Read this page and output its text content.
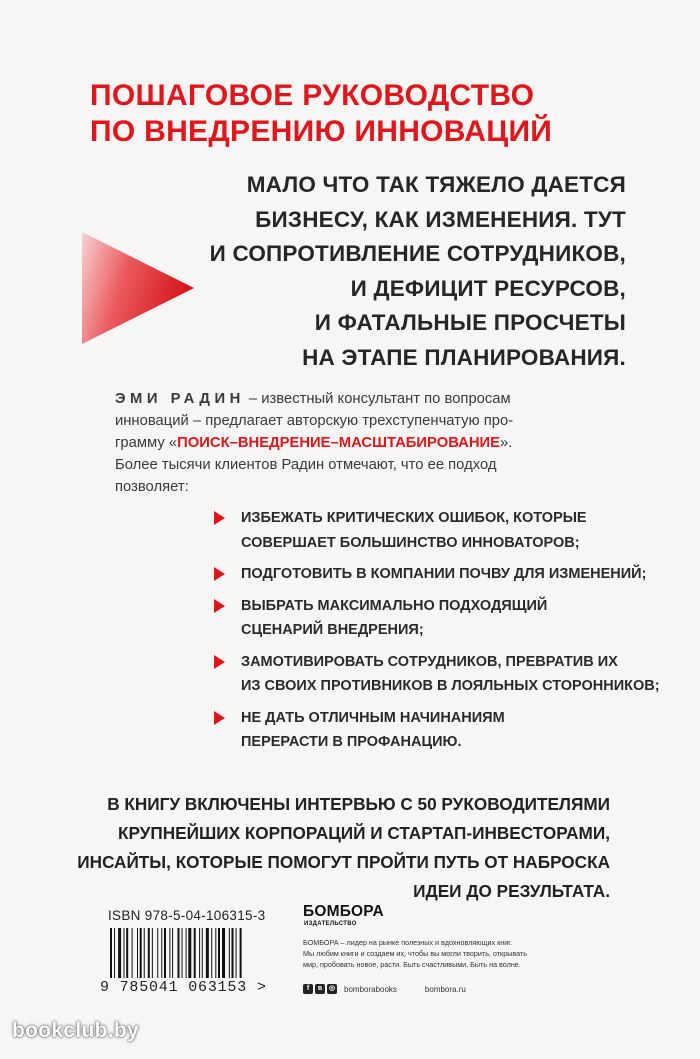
ПОШАГОВОЕ РУКОВОДСТВО
ПО ВНЕДРЕНИЮ ИННОВАЦИЙ
МАЛО ЧТО ТАК ТЯЖЕЛО ДАЕТСЯ
БИЗНЕСУ, КАК ИЗМЕНЕНИЯ. ТУТ
И СОПРОТИВЛЕНИЕ СОТРУДНИКОВ,
И ДЕФИЦИТ РЕСУРСОВ,
И ФАТАЛЬНЫЕ ПРОСЧЕТЫ
НА ЭТАПЕ ПЛАНИРОВАНИЯ.
ЭМИ РАДИН – известный консультант по вопросам
инноваций – предлагает авторскую трехступенчатую про-
грамму «ПОИСК–ВНЕДРЕНИЕ–МАСШТАБИРОВАНИЕ».
Более тысячи клиентов Радин отмечают, что ее подход
позволяет:
ИЗБЕЖАТЬ КРИТИЧЕСКИХ ОШИБОК, КОТОРЫЕ
СОВЕРШАЕТ БОЛЬШИНСТВО ИННОВАТОРОВ;
ПОДГОТОВИТЬ В КОМПАНИИ ПОЧВУ ДЛЯ ИЗМЕНЕНИЙ;
ВЫБРАТЬ МАКСИМАЛЬНО ПОДХОДЯЩИЙ
СЦЕНАРИЙ ВНЕДРЕНИЯ;
ЗАМОТИВИРОВАТЬ СОТРУДНИКОВ, ПРЕВРАТИВ ИХ
ИЗ СВОИХ ПРОТИВНИКОВ В ЛОЯЛЬНЫХ СТОРОННИКОВ;
НЕ ДАТЬ ОТЛИЧНЫМ НАЧИНАНИЯМ
ПЕРЕРАСТИ В ПРОФАНАЦИЮ.
В КНИГУ ВКЛЮЧЕНЫ ИНТЕРВЬЮ С 50 РУКОВОДИТЕЛЯМИ
КРУПНЕЙШИХ КОРПОРАЦИЙ И СТАРТАП-ИНВЕСТОРАМИ,
ИНСАЙТЫ, КОТОРЫЕ ПОМОГУТ ПРОЙТИ ПУТЬ ОТ НАБРОСКА
ИДЕИ ДО РЕЗУЛЬТАТА.
ISBN 978-5-04-106315-3
9 785041 063153 >
БОМБОРА
ИЗДАТЕЛЬСТВО
БОМБОРА – лидер на рынке полезных и вдохновляющих книг.
Мы любим книги и создаем их, чтобы вы могли творить, открывать
мир, пробовать новое, расти. Быть счастливыми. Быть на волне.
f	в ◎ bomborabooks	bombora.ru
bookclub.by
